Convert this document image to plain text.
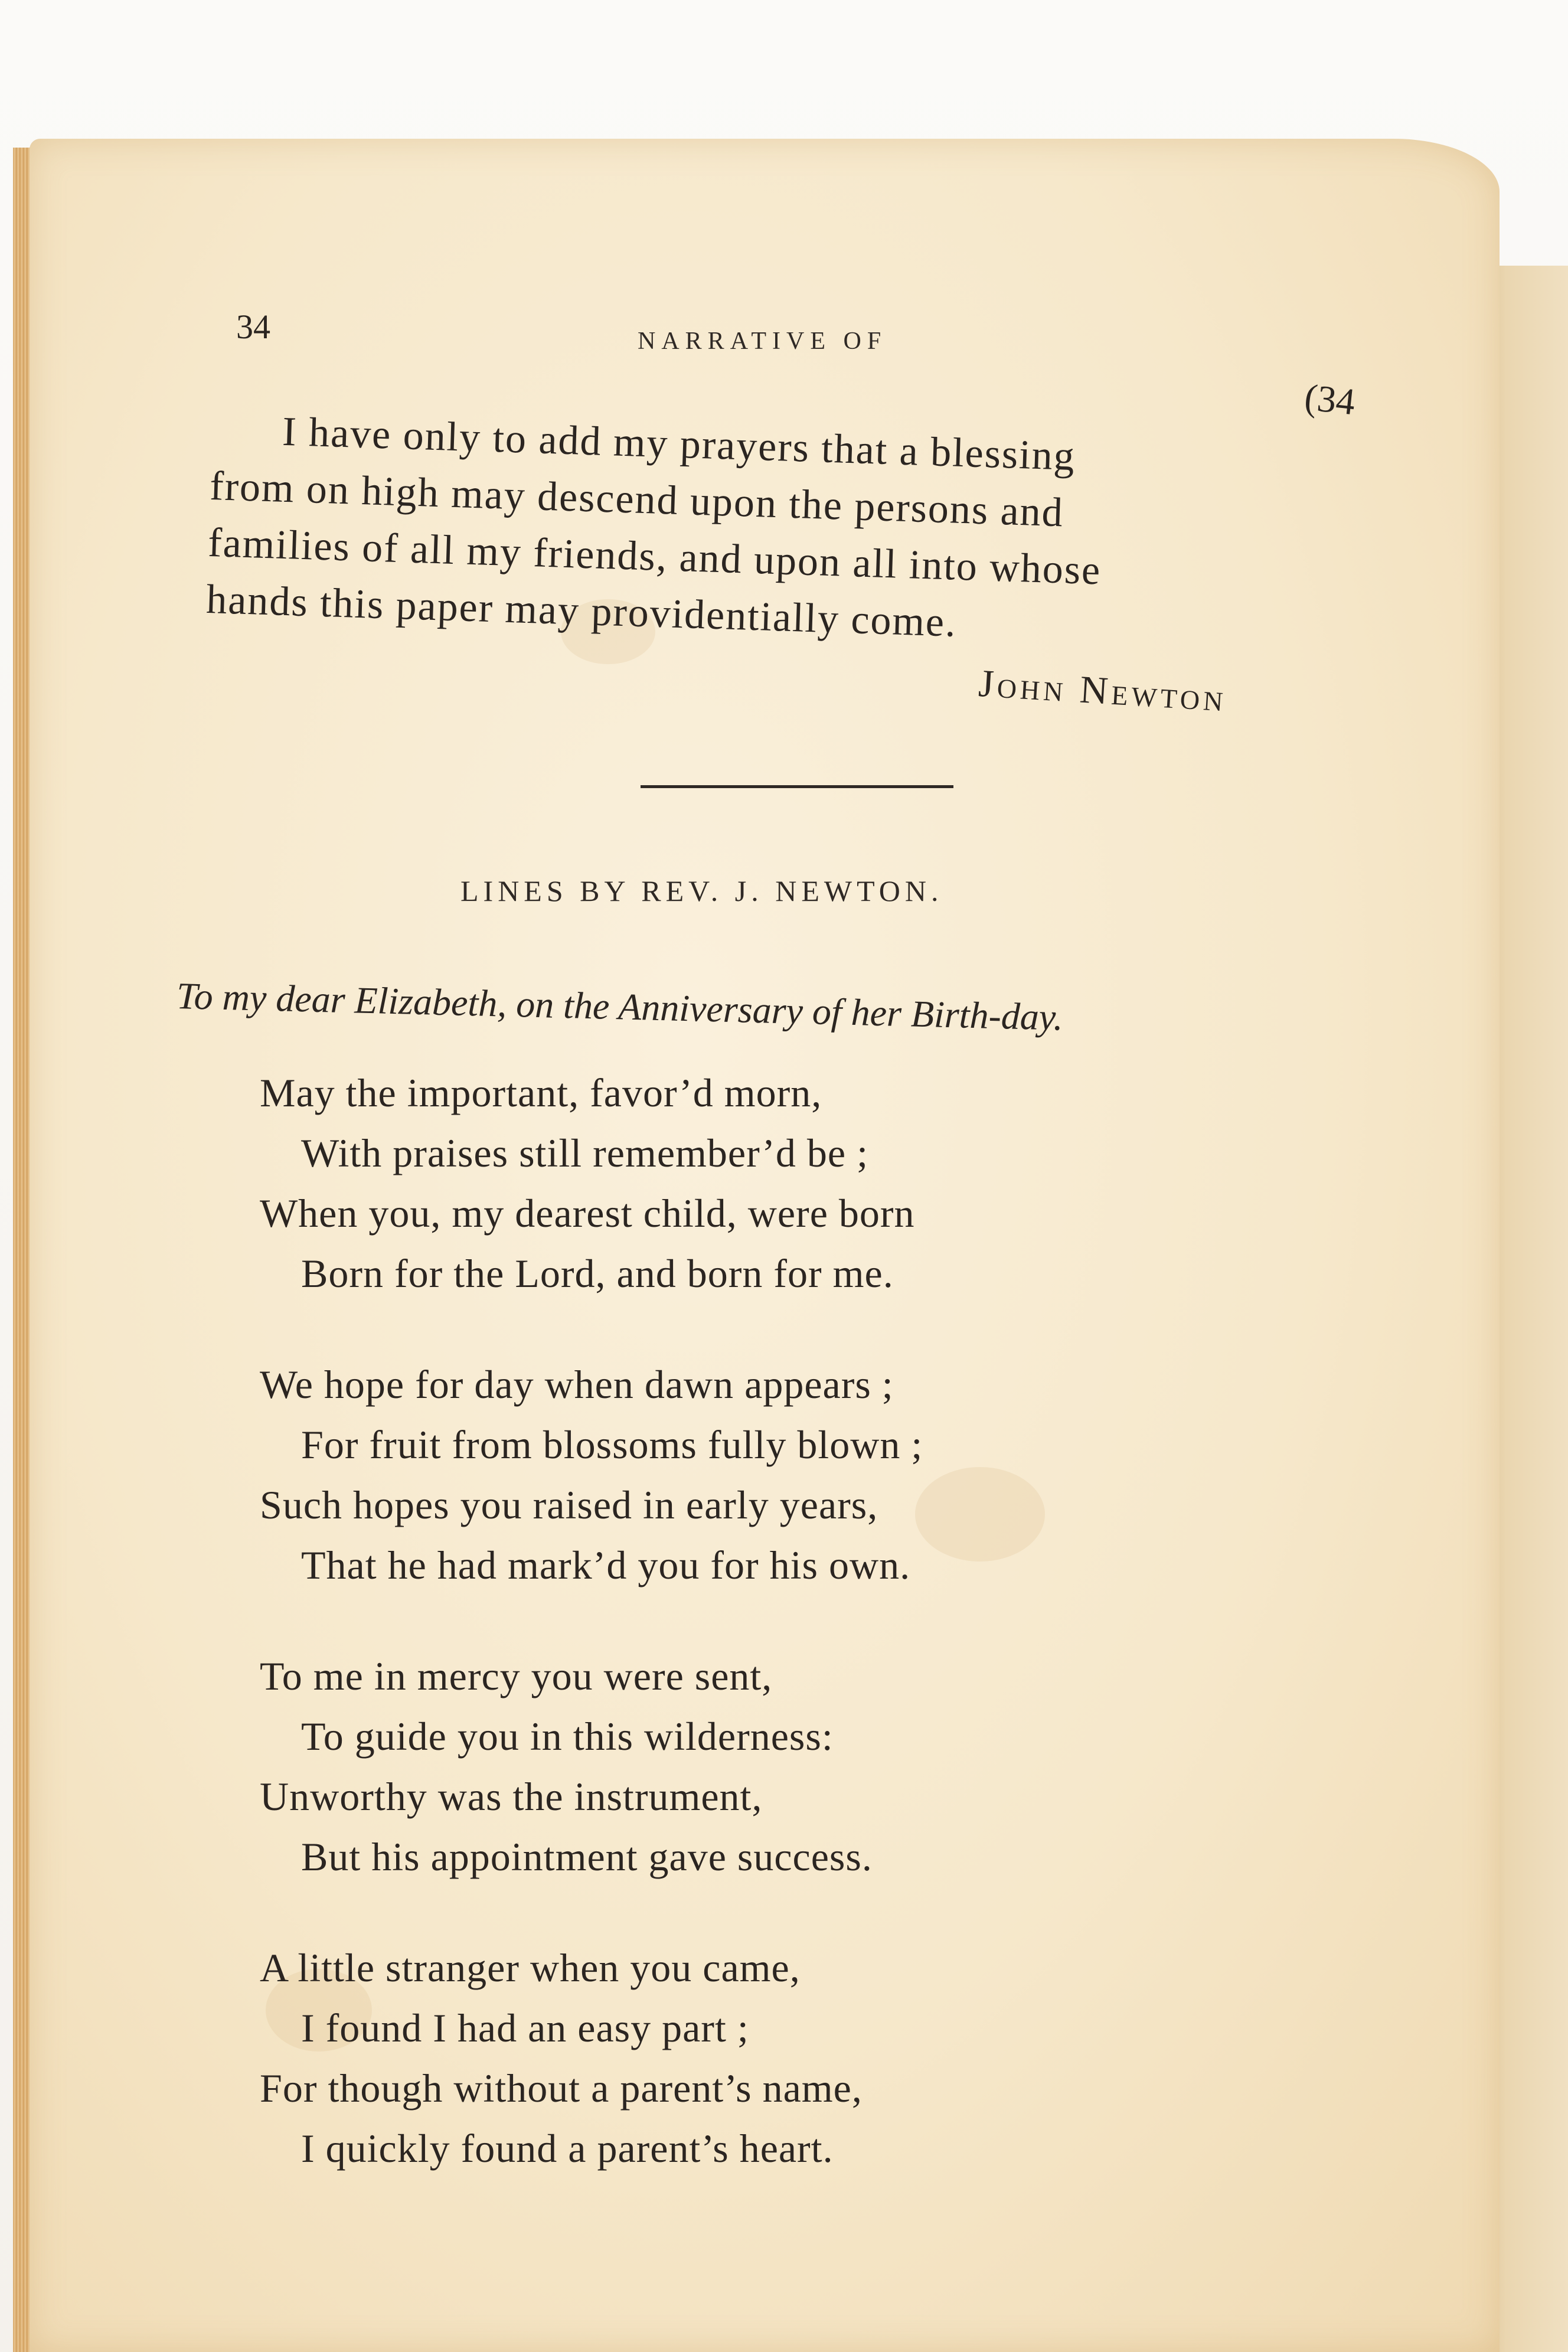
34	NARRATIVE OF
(34
I have only to add my prayers that a blessing
from on high may descend upon the persons and
families of all my friends, and upon all into whose
hands this paper may providentially come.
John Newton
LINES BY REV. J. NEWTON.
To my dear Elizabeth, on the Anniversary of her Birth-day.
May the important, favor’d morn,
With praises still remember’d be ;
When you, my dearest child, were born
Born for the Lord, and born for me.
We hope for day when dawn appears ;
For fruit from blossoms fully blown ;
Such hopes you raised in early years,
That he had mark’d you for his own.
To me in mercy you were sent,
To guide you in this wilderness:
Unworthy was the instrument,
But his appointment gave success.
A little stranger when you came,
I found I had an easy part ;
For though without a parent’s name,
I quickly found a parent’s heart.
